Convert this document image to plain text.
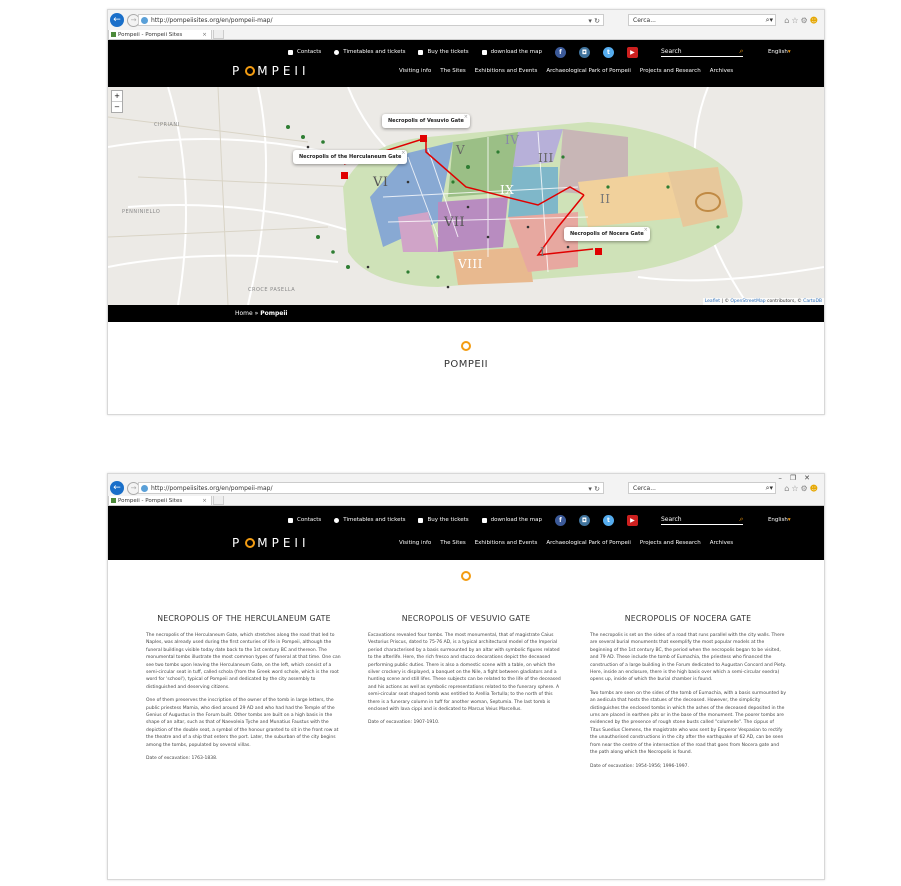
←	→	http://pompeiisites.org/en/pompeii-map/	▾ ↻	Cerca...	⌕▾ ⌂☆⚙☻
Pompeii - Pompeii Sites	×
Contacts	Timetables and tickets	Buy the tickets	download the map	f	◘	t	▶	Search	⌕	English ▾
P MPEII	Visiting info The Sites Exhibitions and Events Archaeological Park of Pompeii Projects and Research Archives
+
−
CIPRIANI
PENNINIELLO
CROCE PASELLA
I
II
III
IV
V
VI
VII
VIII
IX
Necropolis of Vesuvio Gate
×
Necropolis of the Herculaneum Gate
×
Necropolis of Nocera Gate
×
Leaflet | © OpenStreetMap contributors, © CartoDB
Home » Pompeii
POMPEII
←	→	http://pompeiisites.org/en/pompeii-map/	▾ ↻	Cerca...	⌕▾
–❐✕
⌂☆⚙☻
Pompeii - Pompeii Sites	×
Contacts	Timetables and tickets	Buy the tickets	download the map	f	◘	t	▶	Search	⌕	English ▾
P MPEII	Visiting info The Sites Exhibitions and Events Archaeological Park of Pompeii Projects and Research Archives
NECROPOLIS OF THE HERCULANEUM GATE

The necropolis of the Herculaneum Gate, which stretches along the road that led to Naples, was already used during the first centuries of life in Pompeii, although the funeral buildings visible today date back to the 1st century BC and thereon. The monumental tombs illustrate the most common types of funeral at that time. One can see two tombs upon leaving the Herculaneum Gate, on the left, which consist of a semi-circular seat in tuff, called schola (from the Greek word schole, which is the root word for 'school'), typical of Pompeii and dedicated by the city assembly to distinguished and deserving citizens.

One of them preserves the inscription of the owner of the tomb in large letters, the public priestess Mamia, who died around 29 AD and who had had the Temple of the Genius of Augustus in the Forum built. Other tombs are built on a high basis in the shape of an altar, such as that of Naevoleia Tyche and Munatius Faustus with the depiction of the double seat, a symbol of the honour granted to sit in the front row at the theatre and of a ship that enters the port. Later, the suburban of the city begins among the tombs, populated by several villas.

Date of excavation: 1763-1838.

NECROPOLIS OF VESUVIO GATE

Excavations revealed four tombs. The most monumental, that of magistrate Caius Vestorius Priscus, dated to 75-76 AD, is a typical architectural model of the Imperial period characterised by a basis surmounted by an altar with symbolic figures related to the afterlife. Here, the rich fresco and stucco decorations depict the deceased performing public duties. There is also a domestic scene with a table, on which the silver crockery is displayed, a banquet on the Nile, a fight between gladiators and a hunting scene and still lifes. These subjects can be related to the life of the deceased and his actions as well as symbolic representations related to the funerary sphere. A semi-circular seat shaped tomb was entitled to Arellia Tertulla; to the north of this there is a funerary column in tuff for another woman, Septumia. The last tomb is enclosed with lava cippi and is dedicated to Marcus Veius Marcellus.

Date of excavation: 1907-1910.

NECROPOLIS OF NOCERA GATE

The necropolis is set on the sides of a road that runs parallel with the city walls. There are several burial monuments that exemplify the most popular models at the beginning of the 1st century BC, the period when the necropolis began to be visited, and 79 AD. These include the tomb of Eumachia, the priestess who financed the construction of a large building in the Forum dedicated to Augustan Concord and Piety. Here, inside an enclosure, there is the high basis over which a semi-circular exedra) opens up, inside of which the burial chamber is found.

Two tombs are seen on the sides of the tomb of Eumachia, with a basis surmounted by an aedicula that hosts the statues of the deceased. However, the simplicity distinguishes the enclosed tombs in which the ashes of the deceased deposited in the urns are placed in earthen pits or in the base of the monument. The poorer tombs are evidenced by the presence of rough stone busts called "columelle". The cippus of Titus Suedius Clemens, the magistrate who was sent by Emperor Vespasian to rectify the unauthorised constructions in the city after the earthquake of 62 AD, can be seen from near the centre of the intersection of the road that goes from Nocera gate and the path along which the Necropolis is found.

Date of excavation: 1954-1956; 1996-1997.
